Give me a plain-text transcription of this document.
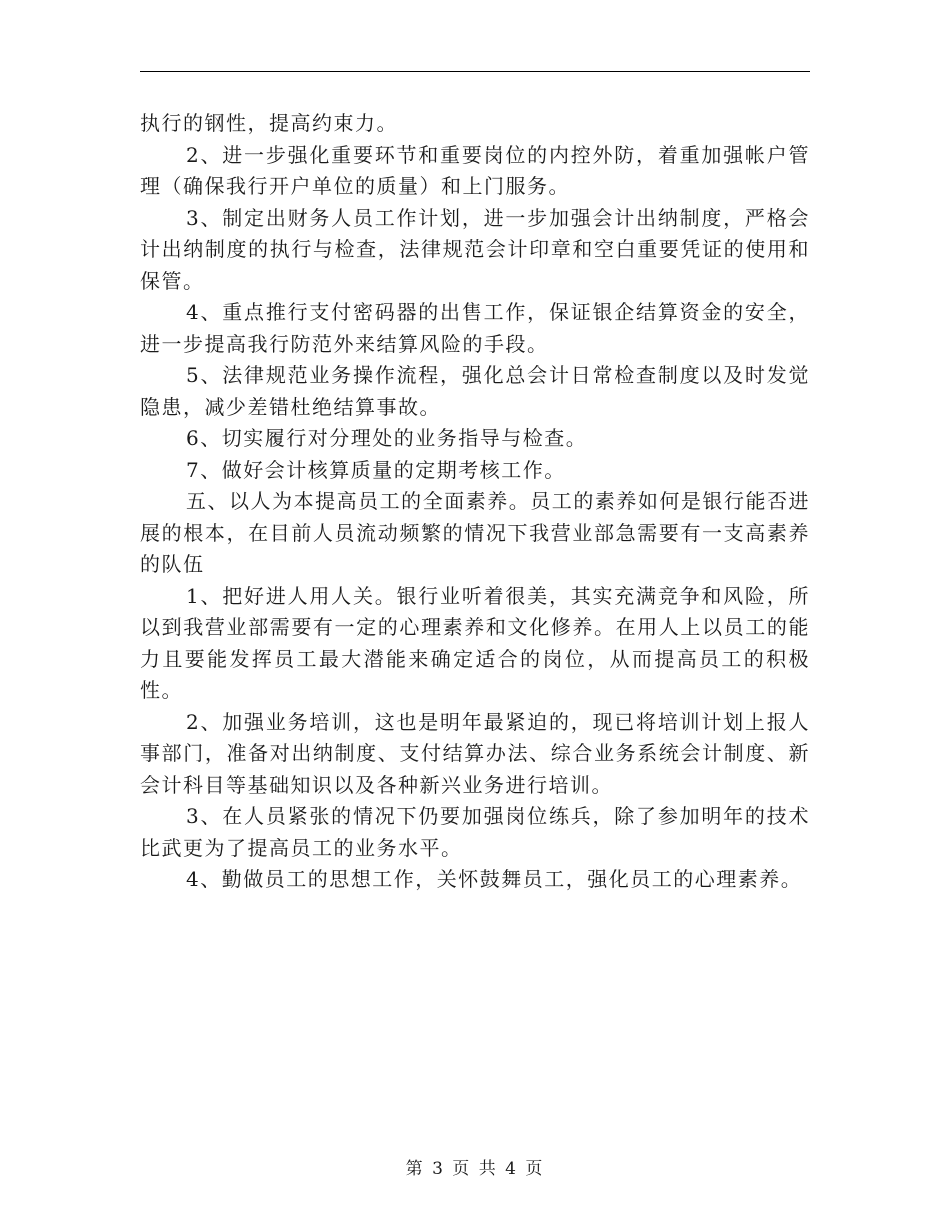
执行的钢性，提高约束力。

2、进一步强化重要环节和重要岗位的内控外防，着重加强帐户管理（确保我行开户单位的质量）和上门服务。

3、制定出财务人员工作计划，进一步加强会计出纳制度，严格会计出纳制度的执行与检查，法律规范会计印章和空白重要凭证的使用和保管。

4、重点推行支付密码器的出售工作，保证银企结算资金的安全，进一步提高我行防范外来结算风险的手段。

5、法律规范业务操作流程，强化总会计日常检查制度以及时发觉隐患，减少差错杜绝结算事故。

6、切实履行对分理处的业务指导与检查。

7、做好会计核算质量的定期考核工作。

五、以人为本提高员工的全面素养。员工的素养如何是银行能否进展的根本，在目前人员流动频繁的情况下我营业部急需要有一支高素养的队伍

1、把好进人用人关。银行业听着很美，其实充满竞争和风险，所以到我营业部需要有一定的心理素养和文化修养。在用人上以员工的能力且要能发挥员工最大潜能来确定适合的岗位，从而提高员工的积极性。

2、加强业务培训，这也是明年最紧迫的，现已将培训计划上报人事部门，准备对出纳制度、支付结算办法、综合业务系统会计制度、新会计科目等基础知识以及各种新兴业务进行培训。

3、在人员紧张的情况下仍要加强岗位练兵，除了参加明年的技术比武更为了提高员工的业务水平。

4、勤做员工的思想工作，关怀鼓舞员工，强化员工的心理素养。

第 3 页 共 4 页
